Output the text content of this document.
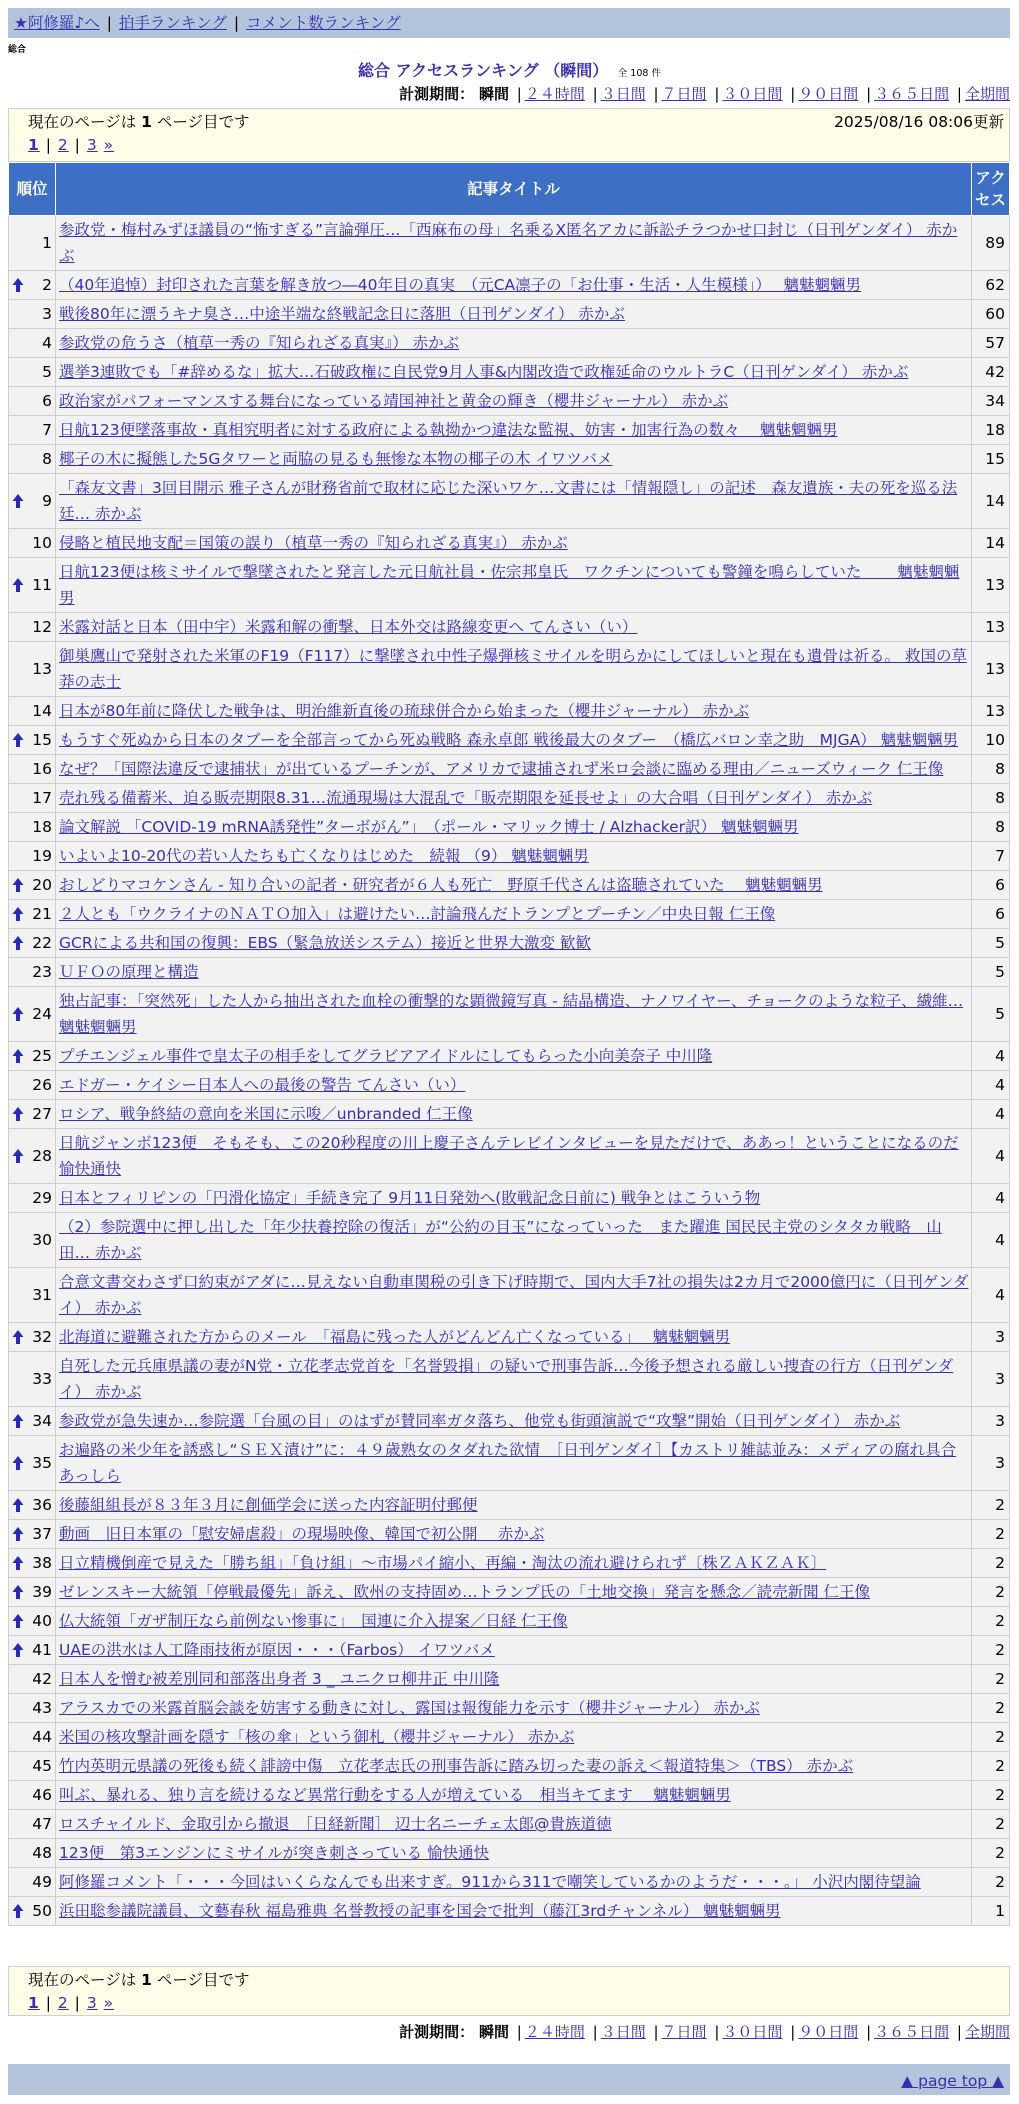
★阿修羅♪へ | 拍手ランキング | コメント数ランキング
総合
総合 アクセスランキング （瞬間） 全 108 件
計測期間： 瞬間 | ２４時間 | ３日間 | ７日間 | ３０日間 | ９０日間 | ３６５日間 | 全期間
現在のページは 1 ページ目です	2025/08/16 08:06更新
1 | 2 | 3 »
順位	記事タイトル	アクセス
1	参政党・梅村みずほ議員の“怖すぎる”言論弾圧…「西麻布の母」名乗るX匿名アカに訴訟チラつかせ口封じ（日刊ゲンダイ） 赤かぶ	89

2	（40年追悼）封印された言葉を解き放つ―40年目の真実　（元CA凛子の「お仕事・生活・人生模様」）　 魑魅魍魎男	62
3	戦後80年に漂うキナ臭さ…中途半端な終戦記念日に落胆（日刊ゲンダイ） 赤かぶ	60
4	参政党の危うさ（植草一秀の『知られざる真実』） 赤かぶ	57
5	選挙3連敗でも「#辞めるな」拡大…石破政権に自民党9月人事&内閣改造で政権延命のウルトラC（日刊ゲンダイ） 赤かぶ	42
6	政治家がパフォーマンスする舞台になっている靖国神社と黄金の輝き（櫻井ジャーナル） 赤かぶ	34
7	日航123便墜落事故・真相究明者に対する政府による執拗かつ違法な監視、妨害・加害行為の数々　 魑魅魍魎男	18
8	椰子の木に擬態した5Gタワーと両脇の見るも無惨な本物の椰子の木 イワツバメ	15

9	「森友文書」3回目開示 雅子さんが財務省前で取材に応じた深いワケ…文書には「情報隠し」の記述　森友遺族・夫の死を巡る法廷… 赤かぶ	14
10	侵略と植民地支配＝国策の誤り（植草一秀の『知られざる真実』） 赤かぶ	14

11	日航123便は核ミサイルで撃墜されたと発言した元日航社員・佐宗邦皇氏　ワクチンについても警鐘を鳴らしていた　　 魑魅魍魎男	13
12	米露対話と日本（田中宇）米露和解の衝撃、日本外交は路線変更へ てんさい（い）	13
13	御巣鷹山で発射された米軍のF19（F117）に撃墜され中性子爆弾核ミサイルを明らかにしてほしいと現在も遺骨は祈る。 救国の草莽の志士	13
14	日本が80年前に降伏した戦争は、明治維新直後の琉球併合から始まった（櫻井ジャーナル） 赤かぶ	13

15	もうすぐ死ぬから日本のタブーを全部言ってから死ぬ戦略 森永卓郎 戦後最大のタブー　（橋広バロン幸之助　MJGA） 魑魅魍魎男	10
16	なぜ？「国際法違反で逮捕状」が出ているプーチンが、アメリカで逮捕されず米ロ会談に臨める理由／ニューズウィーク 仁王像	8
17	売れ残る備蓄米、迫る販売期限8.31…流通現場は大混乱で「販売期限を延長せよ」の大合唱（日刊ゲンダイ） 赤かぶ	8
18	論文解説 「COVID-19 mRNA誘発性”ターボがん”」　（ポール・マリック博士 / Alzhacker訳） 魑魅魍魎男	8
19	いよいよ10-20代の若い人たちも亡くなりはじめた　続報 （9） 魑魅魍魎男	7

20	おしどりマコケンさん - 知り合いの記者・研究者が６人も死亡　野原千代さんは盗聴されていた　 魑魅魍魎男	6

21	２人とも「ウクライナのＮＡＴＯ加入」は避けたい…討論飛んだトランプとプーチン／中央日報 仁王像	6

22	GCRによる共和国の復興：EBS（緊急放送システム）接近と世界大激変 歓歓	5
23	ＵＦＯの原理と構造	5

24	独占記事：「突然死」した人から抽出された血栓の衝撃的な顕微鏡写真 - 結晶構造、ナノワイヤー、チョークのような粒子、繊維… 魑魅魍魎男	5

25	プチエンジェル事件で皇太子の相手をしてグラビアアイドルにしてもらった小向美奈子 中川隆	4
26	エドガー・ケイシー日本人への最後の警告 てんさい（い）	4

27	ロシア、戦争終結の意向を米国に示唆／unbranded 仁王像	4

28	日航ジャンボ123便　そもそも、この20秒程度の川上慶子さんテレビインタビューを見ただけで、ああっ！ということになるのだ 愉快通快	4
29	日本とフィリピンの「円滑化協定」手続き完了 9月11日発効へ(敗戦記念日前に) 戦争とはこういう物	4
30	（2）参院選中に押し出した「年少扶養控除の復活」が“公約の目玉”になっていった　また躍進 国民民主党のシタタカ戦略　山田… 赤かぶ	4
31	合意文書交わさず口約束がアダに…見えない自動車関税の引き下げ時期で、国内大手7社の損失は2カ月で2000億円に（日刊ゲンダイ） 赤かぶ	4

32	北海道に避難された方からのメール　「福島に残った人がどんどん亡くなっている」　 魑魅魍魎男	3
33	自死した元兵庫県議の妻がN党・立花孝志党首を「名誉毀損」の疑いで刑事告訴…今後予想される厳しい捜査の行方（日刊ゲンダイ） 赤かぶ	3

34	参政党が急失速か…参院選「台風の目」のはずが賛同率ガタ落ち、他党も街頭演説で“攻撃”開始（日刊ゲンダイ） 赤かぶ	3

35	お遍路の米少年を誘惑し“ＳＥＸ漬け”に：４９歳熟女のタダれた欲情　［日刊ゲンダイ］【カストリ雑誌並み：メディアの腐れ具合 あっしら	3

36	後藤組組長が８３年３月に創価学会に送った内容証明付郵便	2

37	動画　旧日本軍の「慰安婦虐殺」の現場映像、韓国で初公開　 赤かぶ	2

38	日立精機倒産で見えた「勝ち組」「負け組」～市場パイ縮小、再編・淘汰の流れ避けられず〔株ＺＡＫＺＡＫ〕	2

39	ゼレンスキー大統領「停戦最優先」訴え、欧州の支持固め…トランプ氏の「土地交換」発言を懸念／読売新聞 仁王像	2

40	仏大統領「ガザ制圧なら前例ない惨事に」　国連に介入提案／日経 仁王像	2

41	UAEの洪水は人工降雨技術が原因・・・（Farbos） イワツバメ	2
42	日本人を憎む被差別同和部落出身者 3 _ ユニクロ柳井正 中川隆	2
43	アラスカでの米露首脳会談を妨害する動きに対し、露国は報復能力を示す（櫻井ジャーナル） 赤かぶ	2
44	米国の核攻撃計画を隠す「核の傘」という御札（櫻井ジャーナル） 赤かぶ	2
45	竹内英明元県議の死後も続く誹謗中傷　立花孝志氏の刑事告訴に踏み切った妻の訴え＜報道特集＞（TBS） 赤かぶ	2
46	叫ぶ、暴れる、独り言を続けるなど異常行動をする人が増えている　相当キてます　 魑魅魍魎男	2
47	ロスチャイルド、金取引から撤退　［日経新聞］ 辺士名ニーチェ太郎@貴族道徳	2
48	123便　第3エンジンにミサイルが突き刺さっている 愉快通快	2
49	阿修羅コメント「・・・今回はいくらなんでも出来すぎ。911から311で嘲笑しているかのようだ・・・。」 小沢内閣待望論	2

50	浜田聡参議院議員、文藝春秋 福島雅典 名誉教授の記事を国会で批判（藤江3rdチャンネル） 魑魅魍魎男	1
現在のページは 1 ページ目です
1 | 2 | 3 »
計測期間： 瞬間 | ２４時間 | ３日間 | ７日間 | ３０日間 | ９０日間 | ３６５日間 | 全期間
▲ page top ▲
